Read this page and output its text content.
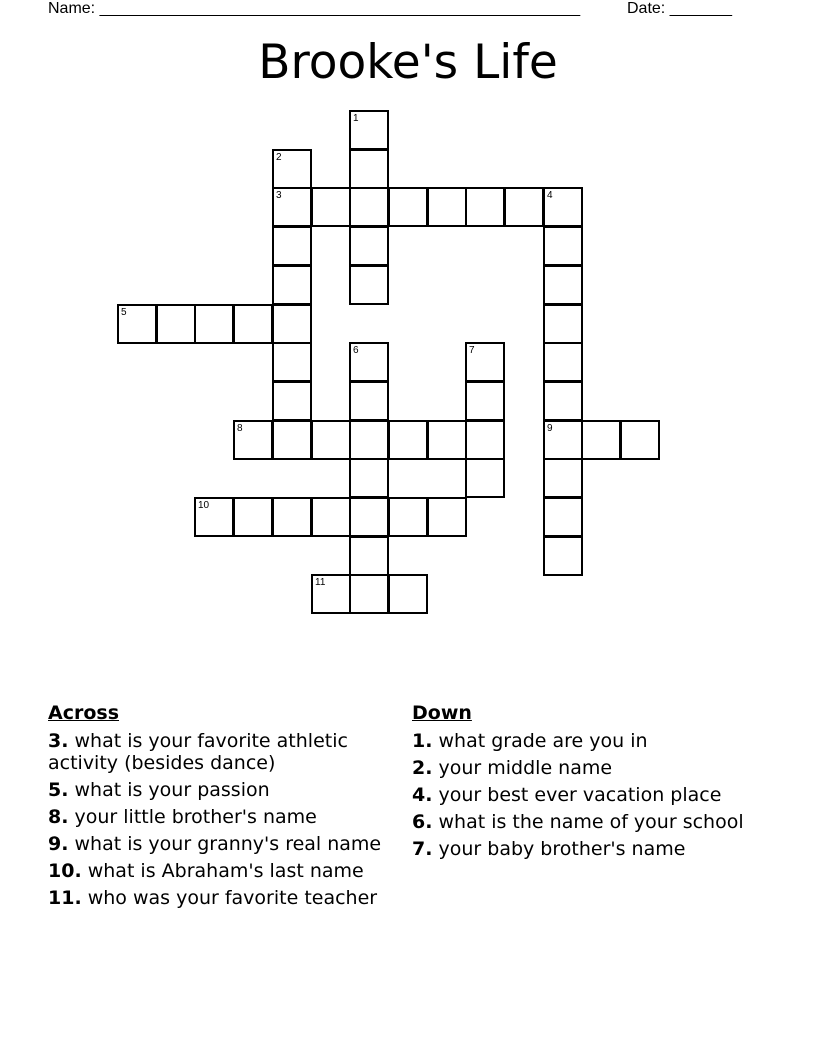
Name: ______________________________________________________	Date: _______
Brooke's Life
1
2
3	4
9
5
6	7
8
10
11
Across
3. what is your favorite athletic activity (besides dance)
5. what is your passion
8. your little brother's name
9. what is your granny's real name
10. what is Abraham's last name
11. who was your favorite teacher
Down
1. what grade are you in
2. your middle name
4. your best ever vacation place
6. what is the name of your school
7. your baby brother's name
